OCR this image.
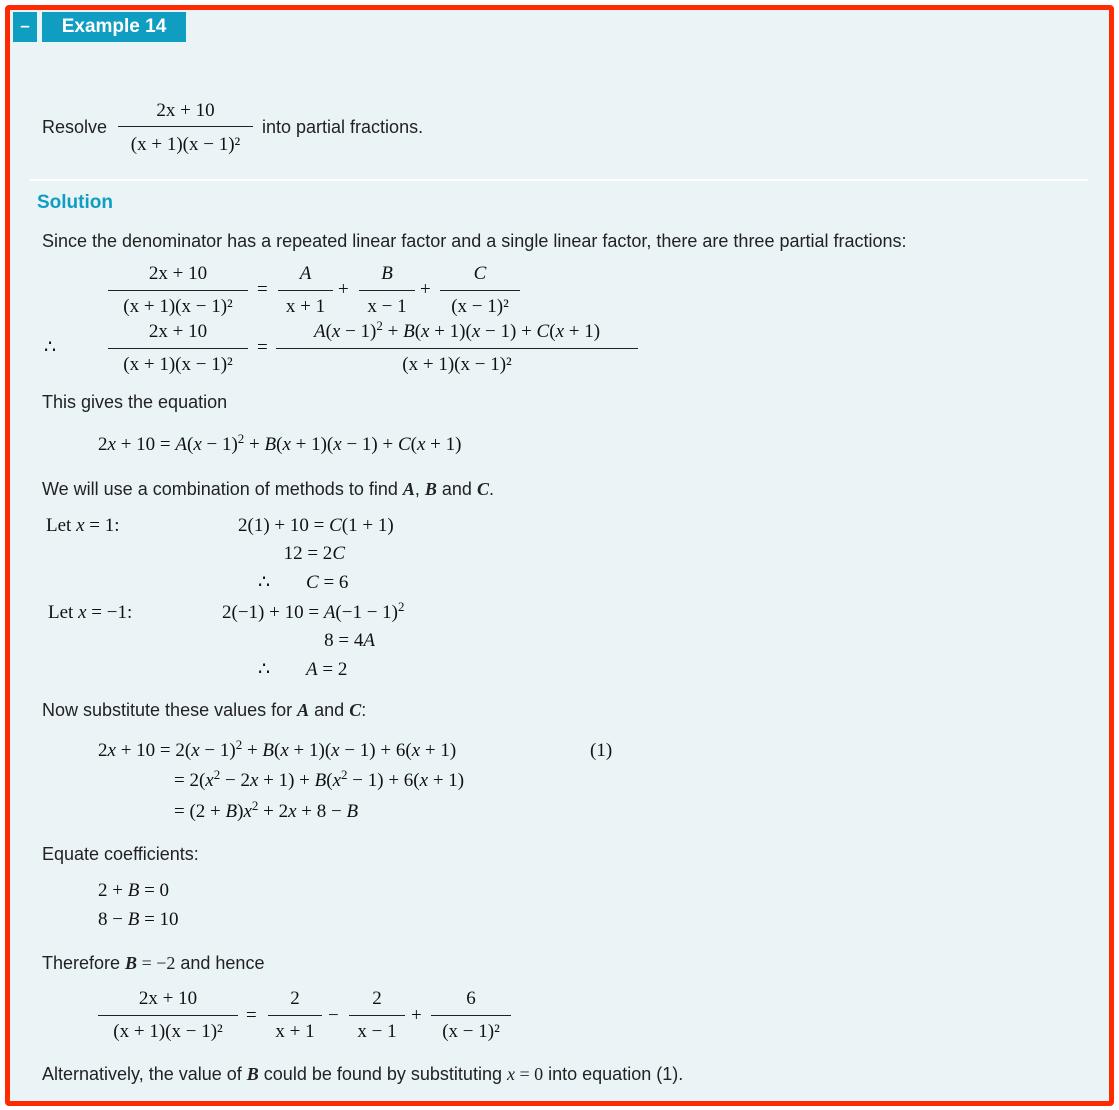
–	Example 14
Resolve
2x + 10
(x + 1)(x − 1)²
into partial fractions.
Solution
Since the denominator has a repeated linear factor and a single linear factor, there are three partial fractions:
2x + 10
(x + 1)(x − 1)²
=
A
x + 1
+
B
x − 1
+
C
(x − 1)²
∴
2x + 10
(x + 1)(x − 1)²
=
$A(x - 1)^2 + B(x + 1)(x - 1) + C(x + 1)$
(x + 1)(x − 1)²
This gives the equation
$2x + 10 = A(x - 1)^2 + B(x + 1)(x - 1) + C(x + 1)$
We will use a combination of methods to find A, B and C.
Let x = 1:	2(1) + 10 = C(1 + 1)
12 = 2C
∴ C = 6
Let x = −1:	$2(-1) + 10 = A(-1 - 1)^2$
8 = 4A
∴ A = 2
Now substitute these values for A and C:
$2x + 10 = 2(x - 1)^2 + B(x + 1)(x - 1) + 6(x + 1)$	(1)
= $2(x^2 - 2x + 1) + B(x^2 - 1) + 6(x + 1)$
= $(2 + B)x^2 + 2x + 8 - B$
Equate coefficients:
2 + B = 0
8 − B = 10
Therefore B = −2 and hence
2x + 10
(x + 1)(x − 1)²
=
2
x + 1
−
2
x − 1
+
6
(x − 1)²
Alternatively, the value of B could be found by substituting x = 0 into equation (1).
